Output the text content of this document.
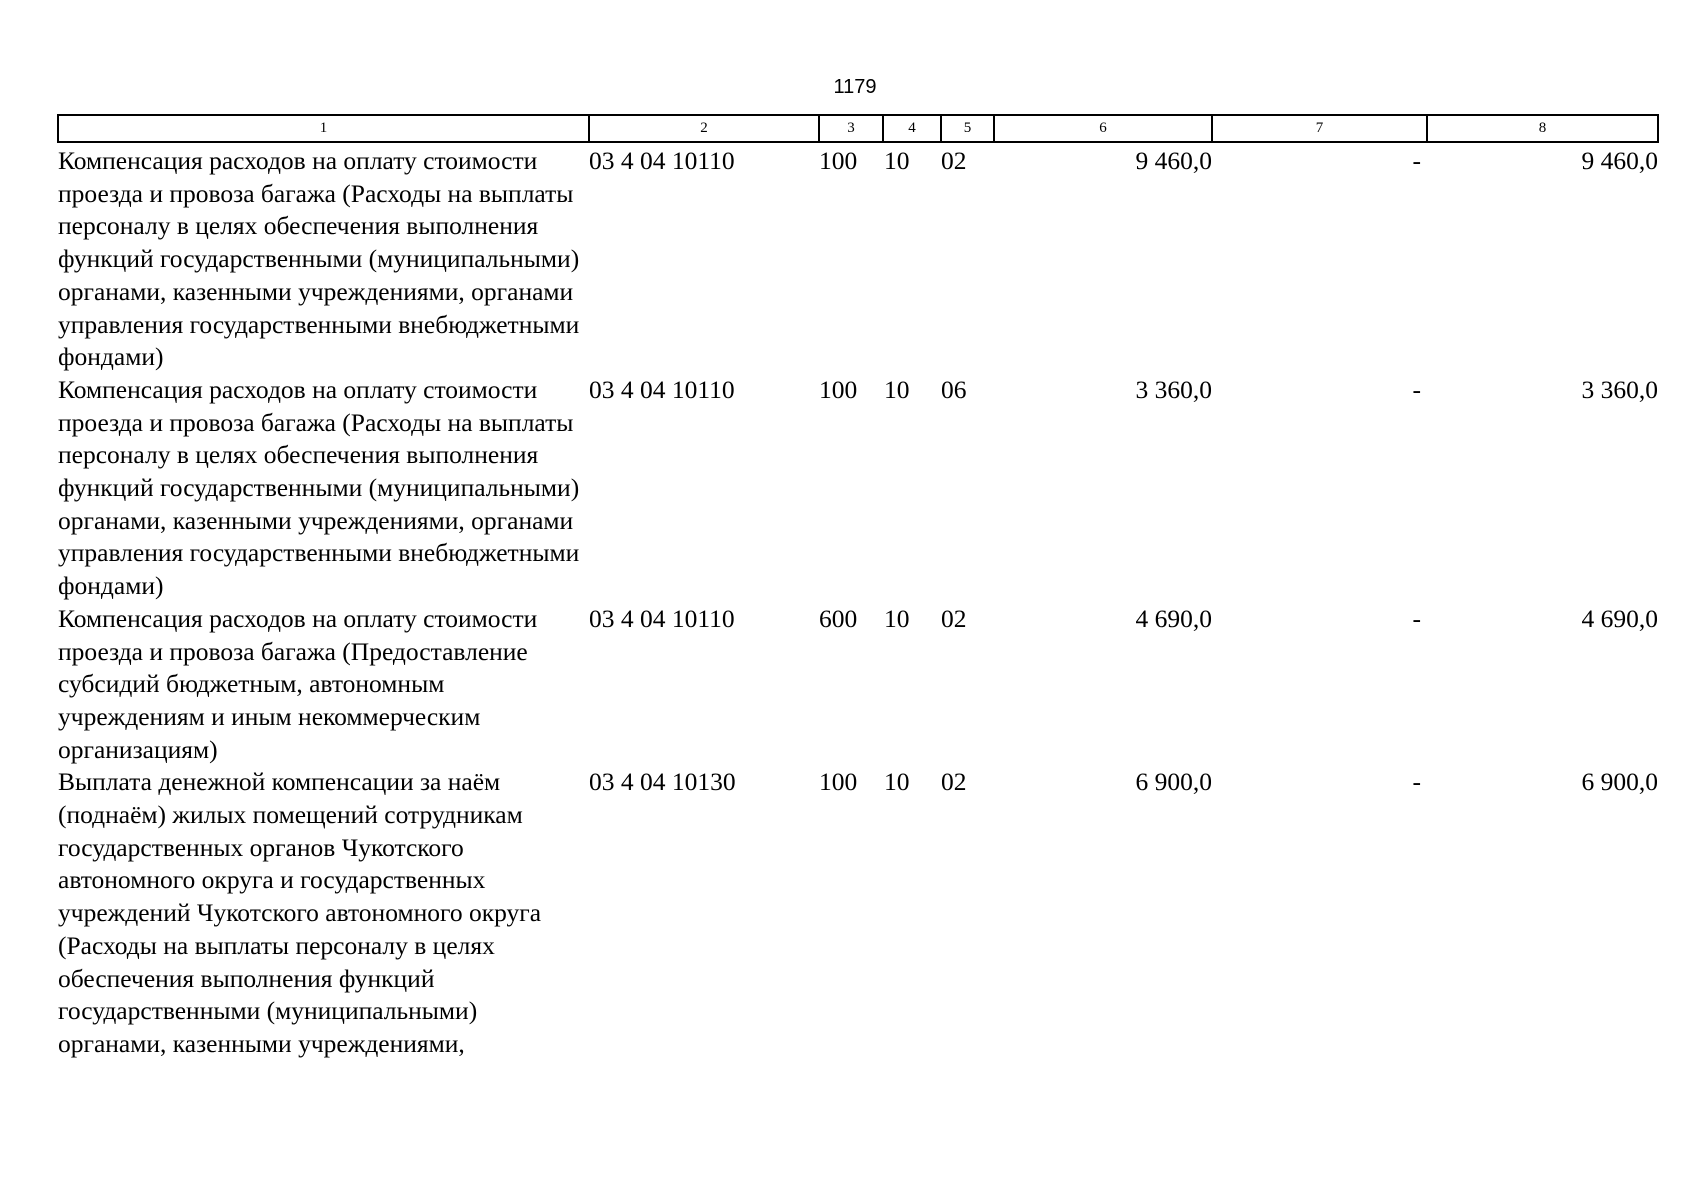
1179
1	2	3	4	5	6	7	8
Компенсация расходов на оплату стоимости проезда и провоза багажа (Расходы на выплаты персоналу в целях обеспечения выполнения функций государственными (муниципальными) органами, казенными учреждениями, органами управления государственными внебюджетными фондами)	03 4 04 10110	100	10	02	9 460,0	-	9 460,0
Компенсация расходов на оплату стоимости проезда и провоза багажа (Расходы на выплаты персоналу в целях обеспечения выполнения функций государственными (муниципальными) органами, казенными учреждениями, органами управления государственными внебюджетными фондами)	03 4 04 10110	100	10	06	3 360,0	-	3 360,0
Компенсация расходов на оплату стоимости проезда и провоза багажа (Предоставление субсидий бюджетным, автономным учреждениям и иным некоммерческим организациям)	03 4 04 10110	600	10	02	4 690,0	-	4 690,0
Выплата денежной компенсации за наём (поднаём) жилых помещений сотрудникам государственных органов Чукотского автономного округа и государственных учреждений Чукотского автономного округа (Расходы на выплаты персоналу в целях обеспечения выполнения функций государственными (муниципальными) органами, казенными учреждениями,	03 4 04 10130	100	10	02	6 900,0	-	6 900,0
